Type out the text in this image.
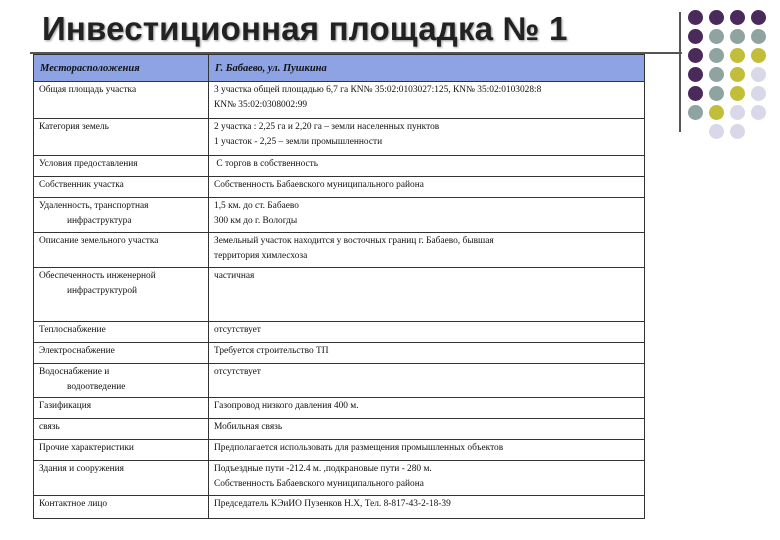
Инвестиционная площадка № 1
Месторасположения	Г. Бабаево, ул. Пушкина

Общая площадь участка	3 участка общей площадью 6,7 га КN№ 35:02:0103027:125, КN№ 35:02:0103028:8
КN№ 35:02:0308002:99

Категория земель	2 участка : 2,25 га и 2,20 га – земли населенных пунктов
1 участок - 2,25 – земли промышленности

Условия предоставления	С торгов в собственность

Собственник участка	Собственность Бабаевского муниципального района

Удаленность, транспортная
инфраструктура	1,5 км. до ст. Бабаево
300 км до г. Вологды

Описание земельного участка	Земельный участок находится у восточных границ г. Бабаево, бывшая
территория химлесхоза

Обеспеченность инженерной
инфраструктурой	частичная

Теплоснабжение	отсутствует

Электроснабжение	Требуется строительство ТП

Водоснабжение и
водоотведение	отсутствует

Газификация	Газопровод низкого давления 400 м.

связь	Мобильная связь

Прочие характеристики	Предполагается использовать для размещения промышленных объектов

Здания и сооружения	Подъездные пути -212.4 м. ,подкрановые пути - 280 м.
Собственность Бабаевского муниципального района

Контактное лицо	Председатель КЭиИО Пузенков Н.Х, Тел. 8-817-43-2-18-39
